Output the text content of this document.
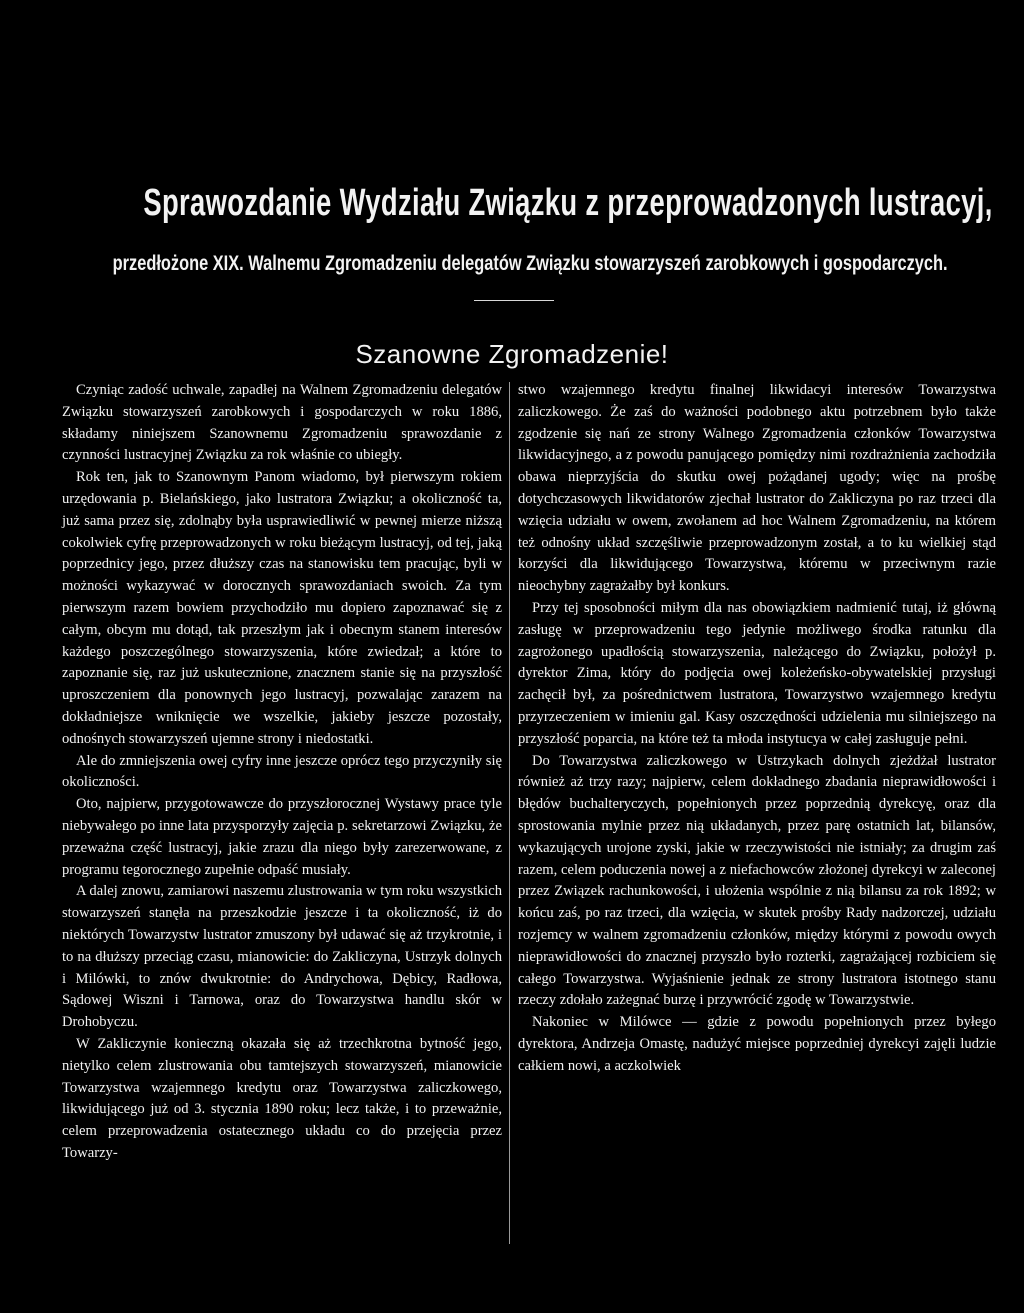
Sprawozdanie Wydziału Związku z przeprowadzonych lustracyj,
przedłożone XIX. Walnemu Zgromadzeniu delegatów Związku stowarzyszeń zarobkowych i gospodarczych.
Szanowne Zgromadzenie!

Czyniąc zadość uchwale, zapadłej na Walnem Zgromadzeniu delegatów Związku stowarzyszeń zarobkowych i gospodarczych w roku 1886, składamy niniejszem Szanownemu Zgromadzeniu sprawozdanie z czynności lustracyjnej Związku za rok właśnie co ubiegły.

Rok ten, jak to Szanownym Panom wiadomo, był pierwszym rokiem urzędowania p. Bielańskiego, jako lustratora Związku; a okoliczność ta, już sama przez się, zdolnąby była usprawiedliwić w pewnej mierze niższą cokolwiek cyfrę przeprowadzonych w roku bieżącym lustracyj, od tej, jaką poprzednicy jego, przez dłuższy czas na stanowisku tem pracując, byli w możności wykazywać w dorocznych sprawozdaniach swoich. Za tym pierwszym razem bowiem przychodziło mu dopiero zapoznawać się z całym, obcym mu dotąd, tak przeszłym jak i obecnym stanem interesów każdego poszczególnego stowarzyszenia, które zwiedzał; a które to zapoznanie się, raz już uskutecznione, znacznem stanie się na przyszłość uproszczeniem dla ponownych jego lustracyj, pozwalając zarazem na dokładniejsze wniknięcie we wszelkie, jakieby jeszcze pozostały, odnośnych stowarzyszeń ujemne strony i niedostatki.

Ale do zmniejszenia owej cyfry inne jeszcze oprócz tego przyczyniły się okoliczności.

Oto, najpierw, przygotowawcze do przyszłorocznej Wystawy prace tyle niebywałego po inne lata przysporzyły zajęcia p. sekretarzowi Związku, że przeważna część lustracyj, jakie zrazu dla niego były zarezerwowane, z programu tegorocznego zupełnie odpaść musiały.

A dalej znowu, zamiarowi naszemu zlustrowania w tym roku wszystkich stowarzyszeń stanęła na przeszkodzie jeszcze i ta okoliczność, iż do niektórych Towarzystw lustrator zmuszony był udawać się aż trzykrotnie, i to na dłuższy przeciąg czasu, mianowicie: do Zakliczyna, Ustrzyk dolnych i Milówki, to znów dwukrotnie: do Andrychowa, Dębicy, Radłowa, Sądowej Wiszni i Tarnowa, oraz do Towarzystwa handlu skór w Drohobyczu.

W Zakliczynie konieczną okazała się aż trzechkrotna bytność jego, nietylko celem zlustrowania obu tamtejszych stowarzyszeń, mianowicie Towarzystwa wzajemnego kredytu oraz Towarzystwa zaliczkowego, likwidującego już od 3. stycznia 1890 roku; lecz także, i to przeważnie, celem przeprowadzenia ostatecznego układu co do przejęcia przez Towarzy-

stwo wzajemnego kredytu finalnej likwidacyi interesów Towarzystwa zaliczkowego. Że zaś do ważności podobnego aktu potrzebnem było także zgodzenie się nań ze strony Walnego Zgromadzenia członków Towarzystwa likwidacyjnego, a z powodu panującego pomiędzy nimi rozdrażnienia zachodziła obawa nieprzyjścia do skutku owej pożądanej ugody; więc na prośbę dotychczasowych likwidatorów zjechał lustrator do Zakliczyna po raz trzeci dla wzięcia udziału w owem, zwołanem ad hoc Walnem Zgromadzeniu, na którem też odnośny układ szczęśliwie przeprowadzonym został, a to ku wielkiej stąd korzyści dla likwidującego Towarzystwa, któremu w przeciwnym razie nieochybny zagrażałby był konkurs.

Przy tej sposobności miłym dla nas obowiązkiem nadmienić tutaj, iż główną zasługę w przeprowadzeniu tego jedynie możliwego środka ratunku dla zagrożonego upadłością stowarzyszenia, należącego do Związku, położył p. dyrektor Zima, który do podjęcia owej koleżeńsko-obywatelskiej przysługi zachęcił był, za pośrednictwem lustratora, Towarzystwo wzajemnego kredytu przyrzeczeniem w imieniu gal. Kasy oszczędności udzielenia mu silniejszego na przyszłość poparcia, na które też ta młoda instytucya w całej zasługuje pełni.

Do Towarzystwa zaliczkowego w Ustrzykach dolnych zjeżdżał lustrator również aż trzy razy; najpierw, celem dokładnego zbadania nieprawidłowości i błędów buchalteryczych, popełnionych przez poprzednią dyrekcyę, oraz dla sprostowania mylnie przez nią układanych, przez parę ostatnich lat, bilansów, wykazujących urojone zyski, jakie w rzeczywistości nie istniały; za drugim zaś razem, celem poduczenia nowej a z niefachowców złożonej dyrekcyi w zaleconej przez Związek rachunkowości, i ułożenia wspólnie z nią bilansu za rok 1892; w końcu zaś, po raz trzeci, dla wzięcia, w skutek prośby Rady nadzorczej, udziału rozjemcy w walnem zgromadzeniu członków, między którymi z powodu owych nieprawidłowości do znacznej przyszło było rozterki, zagrażającej rozbiciem się całego Towarzystwa. Wyjaśnienie jednak ze strony lustratora istotnego stanu rzeczy zdołało zażegnać burzę i przywrócić zgodę w Towarzystwie.

Nakoniec w Milówce — gdzie z powodu popełnionych przez byłego dyrektora, Andrzeja Omastę, nadużyć miejsce poprzedniej dyrekcyi zajęli ludzie całkiem nowi, a aczkolwiek
